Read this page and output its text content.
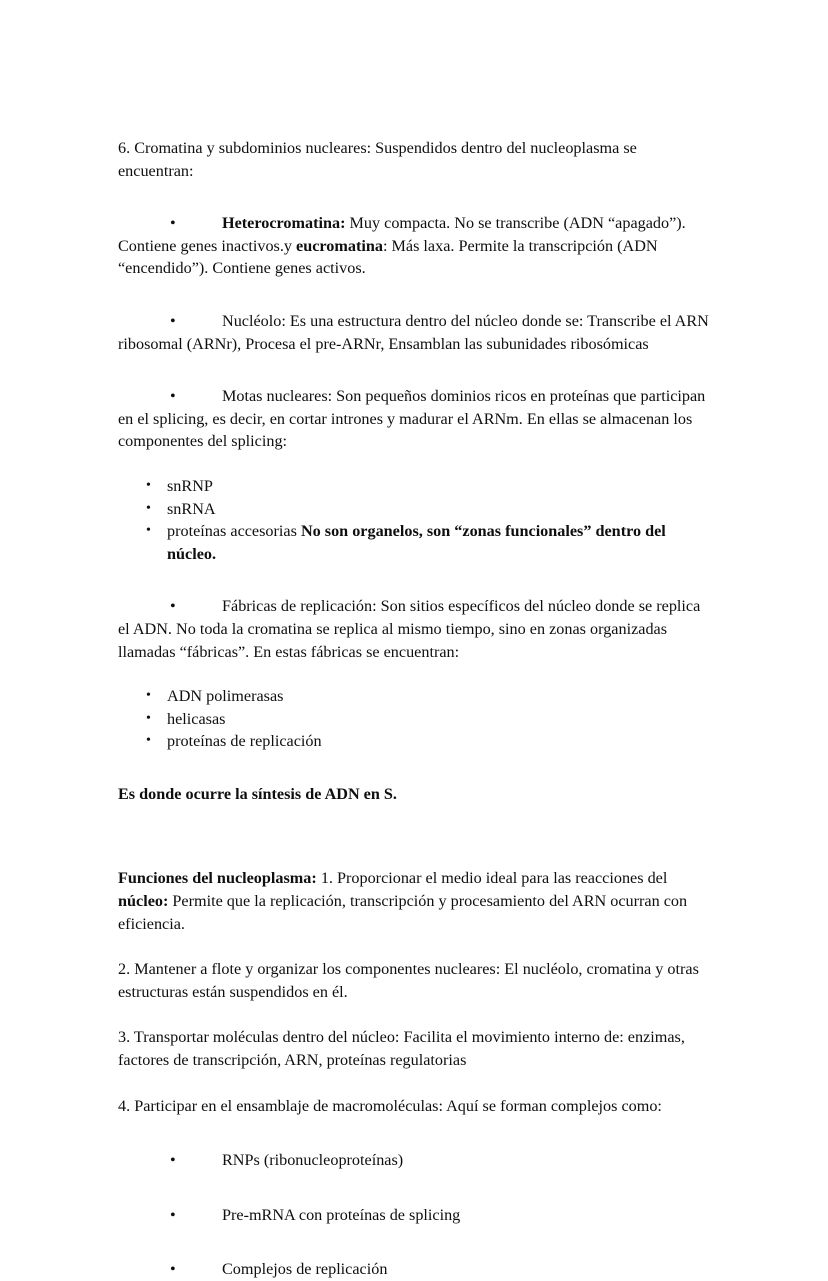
6. Cromatina y subdominios nucleares: Suspendidos dentro del nucleoplasma se encuentran:

•	Heterocromatina: Muy compacta. No se transcribe (ADN “apagado”). Contiene genes inactivos.y eucromatina: Más laxa. Permite la transcripción (ADN “encendido”). Contiene genes activos.

•	Nucléolo: Es una estructura dentro del núcleo donde se: Transcribe el ARN ribosomal (ARNr), Procesa el pre-ARNr, Ensamblan las subunidades ribosómicas

•	Motas nucleares: Son pequeños dominios ricos en proteínas que participan en el splicing, es decir, en cortar intrones y madurar el ARNm. En ellas se almacenan los componentes del splicing:

• snRNP
• snRNA
• proteínas accesorias No son organelos, son “zonas funcionales” dentro del núcleo.

•	Fábricas de replicación: Son sitios específicos del núcleo donde se replica el ADN. No toda la cromatina se replica al mismo tiempo, sino en zonas organizadas llamadas “fábricas”. En estas fábricas se encuentran:

• ADN polimerasas
• helicasas
• proteínas de replicación

Es donde ocurre la síntesis de ADN en S.

Funciones del nucleoplasma: 1. Proporcionar el medio ideal para las reacciones del núcleo: Permite que la replicación, transcripción y procesamiento del ARN ocurran con eficiencia.

2. Mantener a flote y organizar los componentes nucleares: El nucléolo, cromatina y otras estructuras están suspendidos en él.

3. Transportar moléculas dentro del núcleo: Facilita el movimiento interno de: enzimas, factores de transcripción, ARN, proteínas regulatorias

4. Participar en el ensamblaje de macromoléculas: Aquí se forman complejos como:

•	RNPs (ribonucleoproteínas)

•	Pre-mRNA con proteínas de splicing

•	Complejos de replicación
